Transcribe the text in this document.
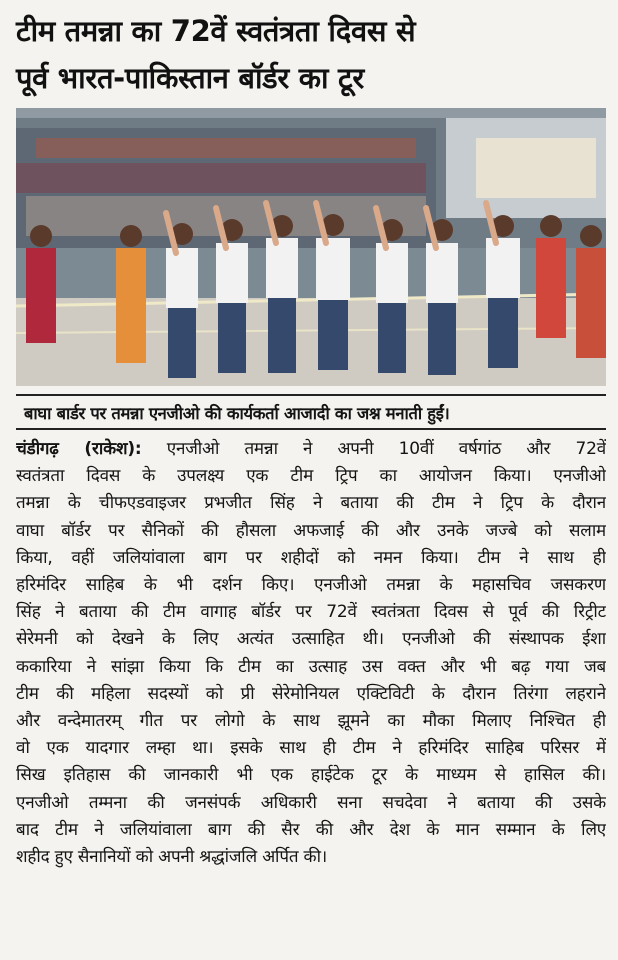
टीम तमन्ना का 72वें स्वतंत्रता दिवस से
पूर्व भारत-पाकिस्तान बॉर्डर का टूर
बाघा बार्डर पर तमन्ना एनजीओ की कार्यकर्ता आजादी का जश्न मनाती हुईं।
चंडीगढ़ (राकेश): एनजीओ तमन्ना ने अपनी 10वीं वर्षगांठ और 72वें
स्वतंत्रता दिवस के उपलक्ष्य एक टीम ट्रिप का आयोजन किया। एनजीओ
तमन्ना के चीफएडवाइजर प्रभजीत सिंह ने बताया की टीम ने ट्रिप के दौरान
वाघा बॉर्डर पर सैनिकों की हौसला अफजाई की और उनके जज्बे को सलाम
किया, वहीं जलियांवाला बाग पर शहीदों को नमन किया। टीम ने साथ ही
हरिमंदिर साहिब के भी दर्शन किए। एनजीओ तमन्ना के महासचिव जसकरण
सिंह ने बताया की टीम वागाह बॉर्डर पर 72वें स्वतंत्रता दिवस से पूर्व की रिट्रीट
सेरेमनी को देखने के लिए अत्यंत उत्साहित थी। एनजीओ की संस्थापक ईशा
ककारिया ने सांझा किया कि टीम का उत्साह उस वक्त और भी बढ़ गया जब
टीम की महिला सदस्यों को प्री सेरेमोनियल एक्टिविटी के दौरान तिरंगा लहराने
और वन्देमातरम् गीत पर लोगो के साथ झूमने का मौका मिलाए निश्चित ही
वो एक यादगार लम्हा था। इसके साथ ही टीम ने हरिमंदिर साहिब परिसर में
सिख इतिहास की जानकारी भी एक हाईटेक टूर के माध्यम से हासिल की।
एनजीओ तम्मना की जनसंपर्क अधिकारी सना सचदेवा ने बताया की उसके
बाद टीम ने जलियांवाला बाग की सैर की और देश के मान सम्मान के लिए
शहीद हुए सैनानियों को अपनी श्रद्धांजलि अर्पित की।
